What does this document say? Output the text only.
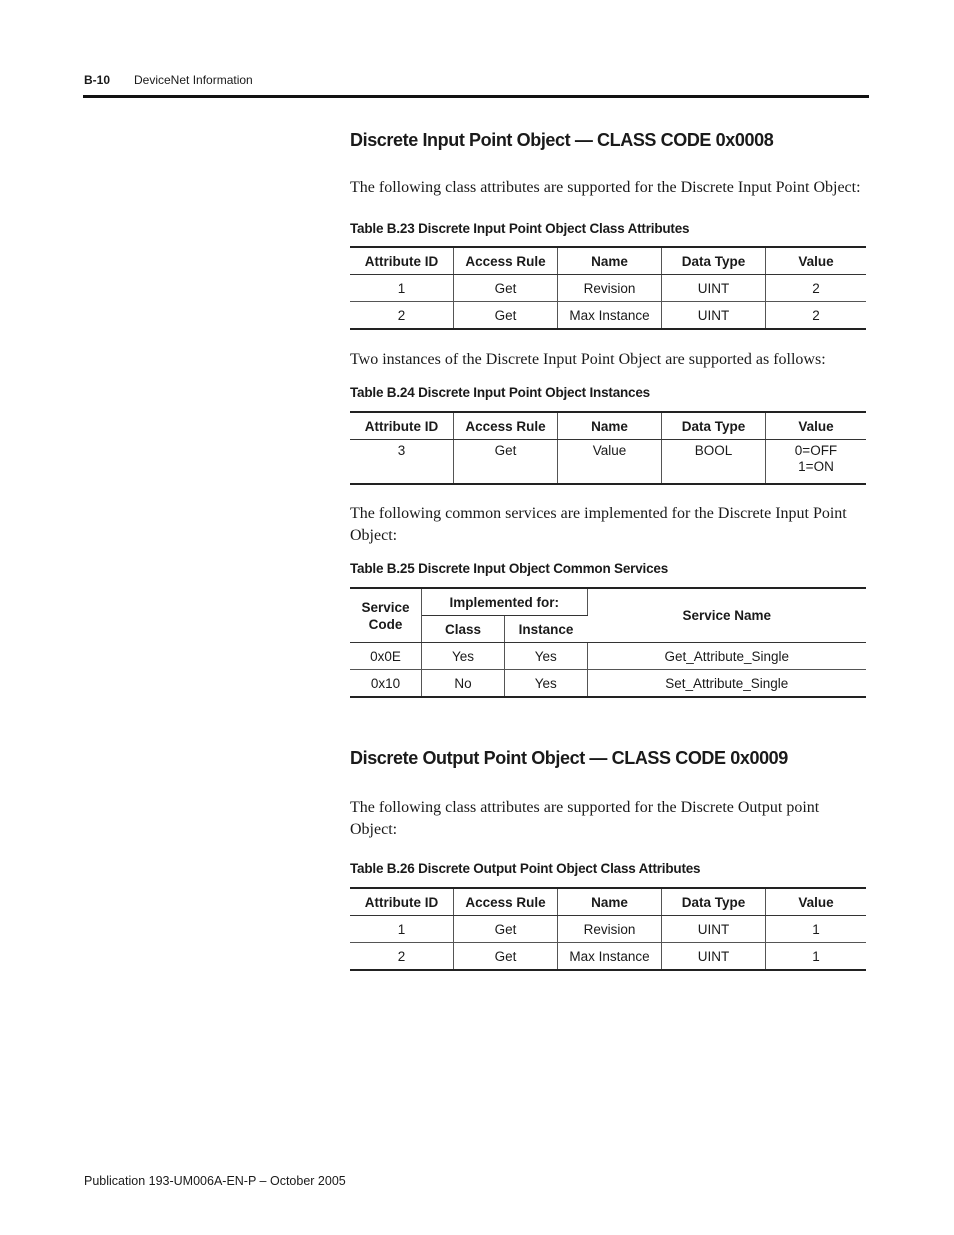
B-10 DeviceNet Information
Discrete Input Point Object — CLASS CODE 0x0008

The following class attributes are supported for the Discrete Input Point Object:

Table B.23 Discrete Input Point Object Class Attributes

Attribute ID	Access Rule	Name	Data Type	Value
1	Get	Revision	UINT	2
2	Get	Max Instance	UINT	2

Two instances of the Discrete Input Point Object are supported as follows:

Table B.24 Discrete Input Point Object Instances

Attribute ID	Access Rule	Name	Data Type	Value
3	Get	Value	BOOL	0=OFF
1=ON

The following common services are implemented for the Discrete Input Point Object:

Table B.25 Discrete Input Object Common Services

Service Code	Implemented for:		Service Name
	Class	Instance	
0x0E	Yes	Yes	Get_Attribute_Single
0x10	No	Yes	Set_Attribute_Single
Discrete Output Point Object — CLASS CODE 0x0009

The following class attributes are supported for the Discrete Output point Object:

Table B.26 Discrete Output Point Object Class Attributes

Attribute ID	Access Rule	Name	Data Type	Value
1	Get	Revision	UINT	1
2	Get	Max Instance	UINT	1
Publication 193-UM006A-EN-P – October 2005
